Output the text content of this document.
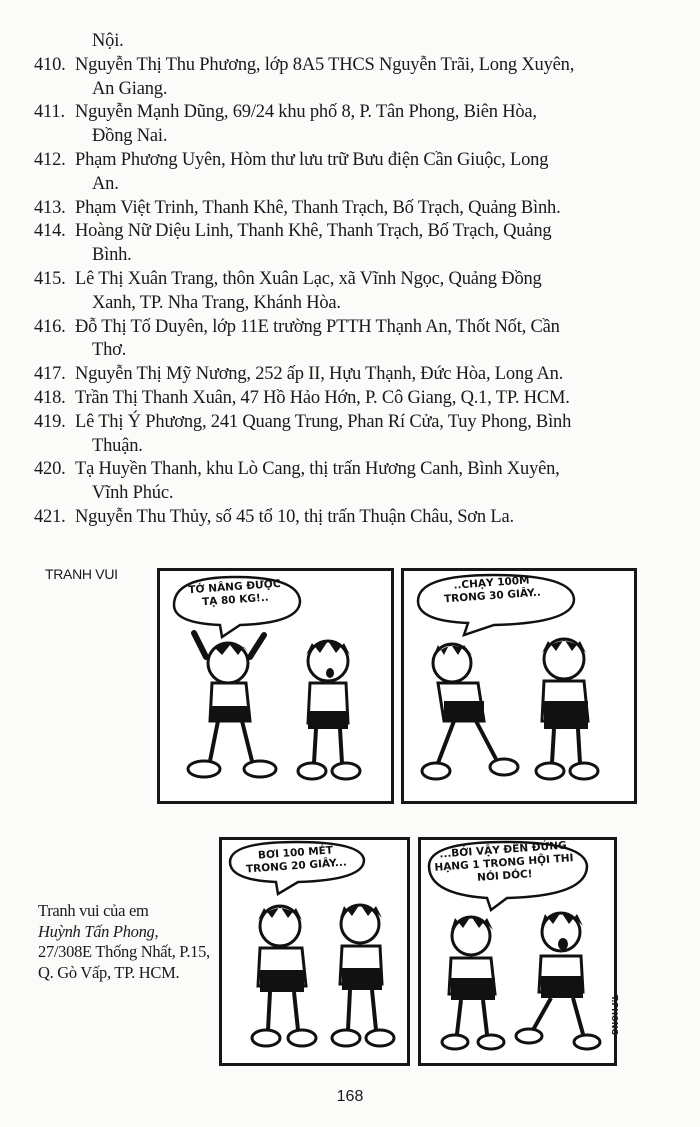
Nội.
410. Nguyễn Thị Thu Phương, lớp 8A5 THCS Nguyễn Trãi, Long Xuyên,
An Giang.
411. Nguyễn Mạnh Dũng, 69/24 khu phố 8, P. Tân Phong, Biên Hòa,
Đồng Nai.
412. Phạm Phương Uyên, Hòm thư lưu trữ Bưu điện Cần Giuộc, Long
An.
413. Phạm Việt Trinh, Thanh Khê, Thanh Trạch, Bố Trạch, Quảng Bình.
414. Hoàng Nữ Diệu Linh, Thanh Khê, Thanh Trạch, Bố Trạch, Quảng
Bình.
415. Lê Thị Xuân Trang, thôn Xuân Lạc, xã Vĩnh Ngọc, Quảng Đồng
Xanh, TP. Nha Trang, Khánh Hòa.
416. Đỗ Thị Tố Duyên, lớp 11E trường PTTH Thạnh An, Thốt Nốt, Cần
Thơ.
417. Nguyễn Thị Mỹ Nương, 252 ấp II, Hựu Thạnh, Đức Hòa, Long An.
418. Trần Thị Thanh Xuân, 47 Hồ Hảo Hớn, P. Cô Giang, Q.1, TP. HCM.
419. Lê Thị Ý Phương, 241 Quang Trung, Phan Rí Cửa, Tuy Phong, Bình
Thuận.
420. Tạ Huyền Thanh, khu Lò Cang, thị trấn Hương Canh, Bình Xuyên,
Vĩnh Phúc.
421. Nguyễn Thu Thủy, số 45 tổ 10, thị trấn Thuận Châu, Sơn La.
TRANH VUI
TỚ NÂNG ĐƯỢC
TẠ 80 KG!..
..CHẠY 100M
TRONG 30 GIÂY..
Tranh vui của em
Huỳnh Tấn Phong,
27/308E Thống Nhất, P.15, Q. Gò Vấp, TP. HCM.
BƠI 100 MÉT
TRONG 20 GIÂY...
...BỞI VẬY ĐẾN ĐỨNG
HẠNG 1 TRONG HỘI THI
NÓI DÓC!
T.PHONG
168
